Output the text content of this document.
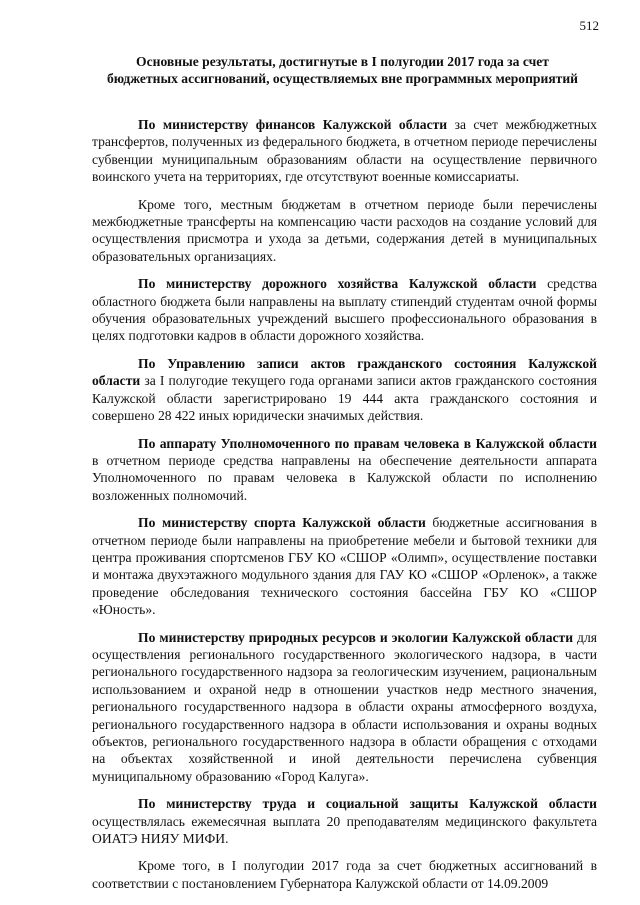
512
Основные результаты, достигнутые в I полугодии 2017 года за счет
бюджетных ассигнований, осуществляемых вне программных мероприятий

По министерству финансов Калужской области за счет межбюджетных трансфертов, полученных из федерального бюджета, в отчетном периоде перечислены субвенции муниципальным образованиям области на осуществление первичного воинского учета на территориях, где отсутствуют военные комиссариаты.

Кроме того, местным бюджетам в отчетном периоде были перечислены межбюджетные трансферты на компенсацию части расходов на создание условий для осуществления присмотра и ухода за детьми, содержания детей в муниципальных образовательных организациях.

По министерству дорожного хозяйства Калужской области средства областного бюджета были направлены на выплату стипендий студентам очной формы обучения образовательных учреждений высшего профессионального образования в целях подготовки кадров в области дорожного хозяйства.

По Управлению записи актов гражданского состояния Калужской области за I полугодие текущего года органами записи актов гражданского состояния Калужской области зарегистрировано 19 444 акта гражданского состояния и совершено 28 422 иных юридически значимых действия.

По аппарату Уполномоченного по правам человека в Калужской области в отчетном периоде средства направлены на обеспечение деятельности аппарата Уполномоченного по правам человека в Калужской области по исполнению возложенных полномочий.

По министерству спорта Калужской области бюджетные ассигнования в отчетном периоде были направлены на приобретение мебели и бытовой техники для центра проживания спортсменов ГБУ КО «СШОР «Олимп», осуществление поставки и монтажа двухэтажного модульного здания для ГАУ КО «СШОР «Орленок», а также проведение обследования технического состояния бассейна ГБУ КО «СШОР «Юность».

По министерству природных ресурсов и экологии Калужской области для осуществления регионального государственного экологического надзора, в части регионального государственного надзора за геологическим изучением, рациональным использованием и охраной недр в отношении участков недр местного значения, регионального государственного надзора в области охраны атмосферного воздуха, регионального государственного надзора в области использования и охраны водных объектов, регионального государственного надзора в области обращения с отходами на объектах хозяйственной и иной деятельности перечислена субвенция муниципальному образованию «Город Калуга».

По министерству труда и социальной защиты Калужской области осуществлялась ежемесячная выплата 20 преподавателям медицинского факультета ОИАТЭ НИЯУ МИФИ.

Кроме того, в I полугодии 2017 года за счет бюджетных ассигнований в соответствии с постановлением Губернатора Калужской области от 14.09.2009
